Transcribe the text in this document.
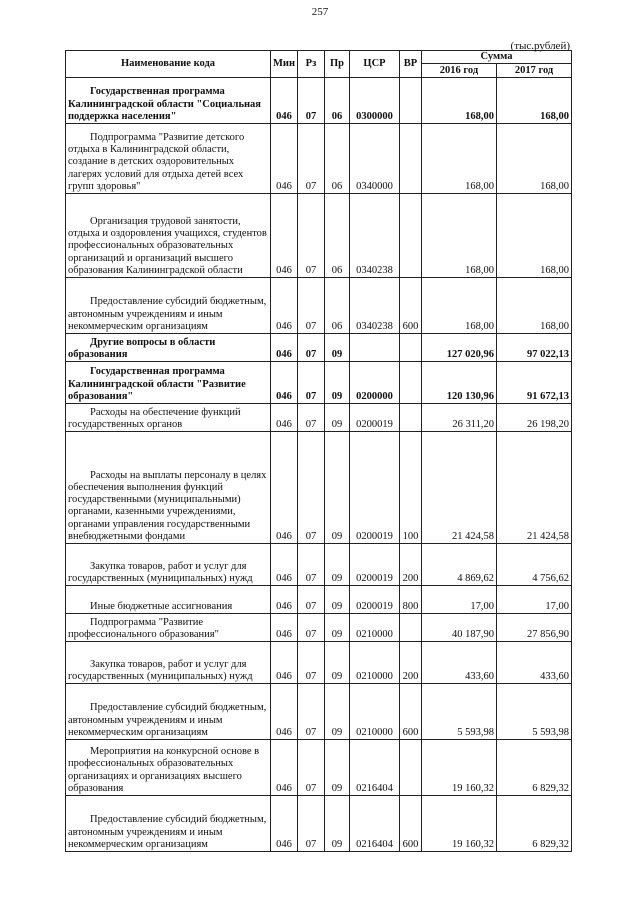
257
(тыс.рублей)
Наименование кода	Мин	Рз	Пр	ЦСР	ВР	Сумма	
						2016 год	2017 год
Государственная программа Калининградской области "Социальная поддержка населения"	046	07	06	0300000		168,00	168,00
Подпрограмма "Развитие детского отдыха в Калининградской области, создание в детских оздоровительных лагерях условий для отдыха детей всех групп здоровья"	046	07	06	0340000		168,00	168,00
Организация трудовой занятости, отдыха и оздоровления учащихся, студентов профессиональных образовательных организаций и организаций высшего образования Калининградской области	046	07	06	0340238		168,00	168,00
Предоставление субсидий бюджетным, автономным учреждениям и иным некоммерческим организациям	046	07	06	0340238	600	168,00	168,00
Другие вопросы в области образования	046	07	09			127 020,96	97 022,13
Государственная программа Калининградской области "Развитие образования"	046	07	09	0200000		120 130,96	91 672,13
Расходы на обеспечение функций государственных органов	046	07	09	0200019		26 311,20	26 198,20
Расходы на выплаты персоналу в целях обеспечения выполнения функций государственными (муниципальными) органами, казенными учреждениями, органами управления государственными внебюджетными фондами	046	07	09	0200019	100	21 424,58	21 424,58
Закупка товаров, работ и услуг для государственных (муниципальных) нужд	046	07	09	0200019	200	4 869,62	4 756,62
Иные бюджетные ассигнования	046	07	09	0200019	800	17,00	17,00
Подпрограмма "Развитие профессионального образования"	046	07	09	0210000		40 187,90	27 856,90
Закупка товаров, работ и услуг для государственных (муниципальных) нужд	046	07	09	0210000	200	433,60	433,60
Предоставление субсидий бюджетным, автономным учреждениям и иным некоммерческим организациям	046	07	09	0210000	600	5 593,98	5 593,98
Мероприятия на конкурсной основе в профессиональных образовательных организациях и организациях высшего образования	046	07	09	0216404		19 160,32	6 829,32
Предоставление субсидий бюджетным, автономным учреждениям и иным некоммерческим организациям	046	07	09	0216404	600	19 160,32	6 829,32
